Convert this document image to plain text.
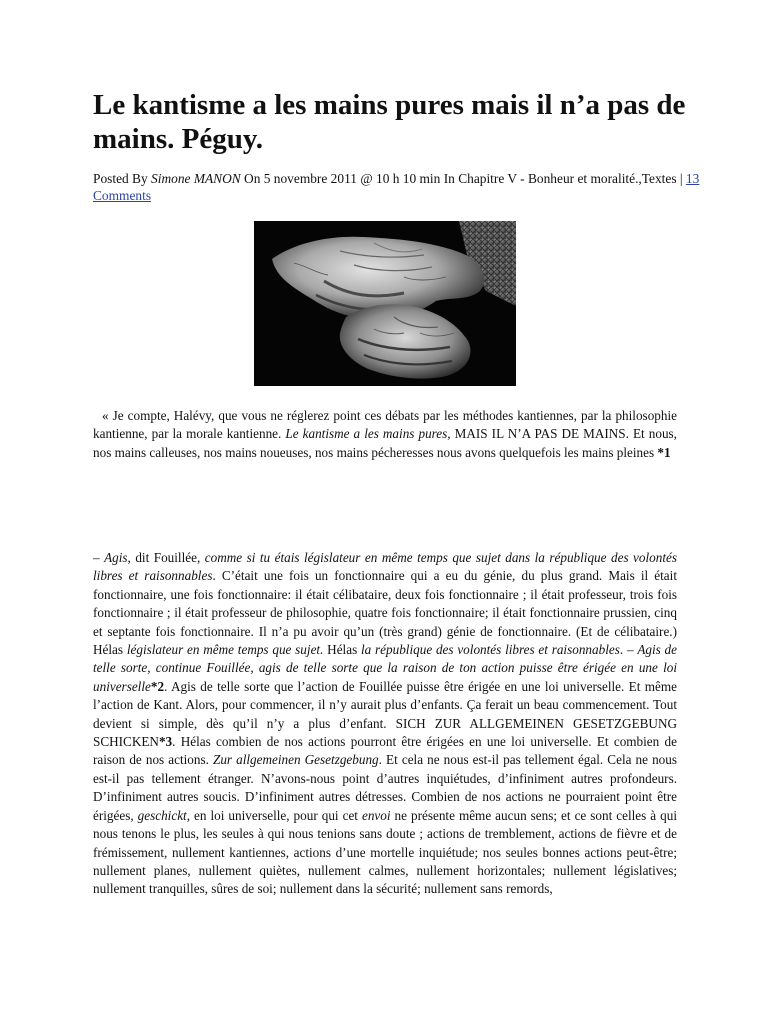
Le kantisme a les mains pures mais il n’a pas de mains. Péguy.

Posted By Simone MANON On 5 novembre 2011 @ 10 h 10 min In Chapitre V - Bonheur et moralité.,Textes | 13 Comments

« Je compte, Halévy, que vous ne réglerez point ces débats par les méthodes kantiennes, par la philosophie kantienne, par la morale kantienne. Le kantisme a les mains pures, MAIS IL N’A PAS DE MAINS. Et nous, nos mains calleuses, nos mains noueuses, nos mains pécheresses nous avons quelquefois les mains pleines *1

– Agis, dit Fouillée, comme si tu étais législateur en même temps que sujet dans la république des volontés libres et raisonnables. C’était une fois un fonctionnaire qui a eu du génie, du plus grand. Mais il était fonctionnaire, une fois fonctionnaire: il était célibataire, deux fois fonctionnaire ; il était professeur, trois fois fonctionnaire ; il était professeur de philosophie, quatre fois fonctionnaire; il était fonctionnaire prussien, cinq et septante fois fonctionnaire. Il n’a pu avoir qu’un (très grand) génie de fonctionnaire. (Et de célibataire.) Hélas législateur en même temps que sujet. Hélas la république des volontés libres et raisonnables. – Agis de telle sorte, continue Fouillée, agis de telle sorte que la raison de ton action puisse être érigée en une loi universelle*2. Agis de telle sorte que l’action de Fouillée puisse être érigée en une loi universelle. Et même l’action de Kant. Alors, pour commencer, il n’y aurait plus d’enfants. Ça ferait un beau commencement. Tout devient si simple, dès qu’il n’y a plus d’enfant. SICH ZUR ALLGEMEINEN GESETZGEBUNG SCHICKEN*3. Hélas combien de nos actions pourront être érigées en une loi universelle. Et combien de raison de nos actions. Zur allgemeinen Gesetzgebung. Et cela ne nous est-il pas tellement égal. Cela ne nous est-il pas tellement étranger. N’avons-nous point d’autres inquiétudes, d’infiniment autres profondeurs. D’infiniment autres soucis. D’infiniment autres détresses. Combien de nos actions ne pourraient point être érigées, geschickt, en loi universelle, pour qui cet envoi ne présente même aucun sens; et ce sont celles à qui nous tenons le plus, les seules à qui nous tenions sans doute ; actions de tremblement, actions de fièvre et de frémissement, nullement kantiennes, actions d’une mortelle inquiétude; nos seules bonnes actions peut-être; nullement planes, nullement quiètes, nullement calmes, nullement horizontales; nullement législatives; nullement tranquilles, sûres de soi; nullement dans la sécurité; nullement sans remords,
